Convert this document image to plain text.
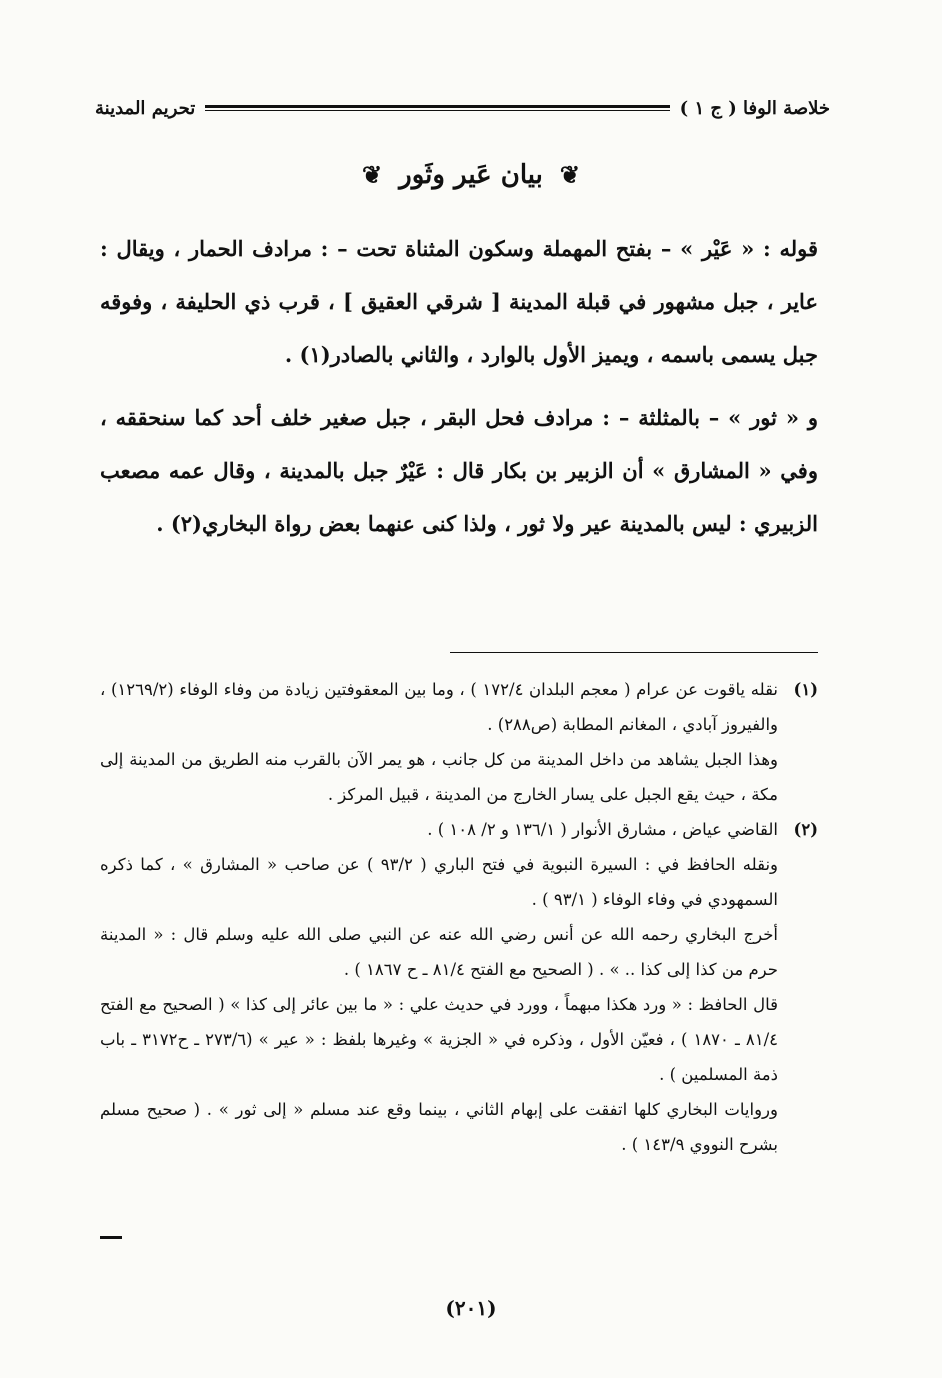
خلاصة الوفا ( ج ١ )
تحريم المدينة
❦ بيان عَير وثَور ❦

قوله : « عَيْر » – بفتح المهملة وسكون المثناة تحت – : مرادف الحمار ، ويقال : عاير ، جبل مشهور في قبلة المدينة [ شرقي العقيق ] ، قرب ذي الحليفة ، وفوقه جبل يسمى باسمه ، ويميز الأول بالوارد ، والثاني بالصادر(١) .

و « ثور » – بالمثلثة – : مرادف فحل البقر ، جبل صغير خلف أحد كما سنحققه ، وفي « المشارق » أن الزبير بن بكار قال : عَيْرٌ جبل بالمدينة ، وقال عمه مصعب الزبيري : ليس بالمدينة عير ولا ثور ، ولذا كنى عنهما بعض رواة البخاري(٢) .

(١)

نقله ياقوت عن عرام ( معجم البلدان ١٧٢/٤ ) ، وما بين المعقوفتين زيادة من وفاء الوفاء (١٢٦٩/٢) ، والفيروز آبادي ، المغانم المطابة (ص٢٨٨) .

وهذا الجبل يشاهد من داخل المدينة من كل جانب ، هو يمر الآن بالقرب منه الطريق من المدينة إلى مكة ، حيث يقع الجبل على يسار الخارج من المدينة ، قبيل المركز .

(٢)

القاضي عياض ، مشارق الأنوار ( ١٣٦/١ و ٢/ ١٠٨ ) .

ونقله الحافظ في : السيرة النبوية في فتح الباري ( ٩٣/٢ ) عن صاحب « المشارق » ، كما ذكره السمهودي في وفاء الوفاء ( ٩٣/١ ) .

أخرج البخاري رحمه الله عن أنس رضي الله عنه عن النبي صلى الله عليه وسلم قال : « المدينة حرم من كذا إلى كذا .. » . ( الصحيح مع الفتح ٨١/٤ ـ ح ١٨٦٧ ) .

قال الحافظ : « ورد هكذا مبهماً ، وورد في حديث علي : « ما بين عائر إلى كذا » ( الصحيح مع الفتح ٨١/٤ ـ ١٨٧٠ ) ، فعيّن الأول ، وذكره في « الجزية » وغيرها بلفظ : « عير » (٢٧٣/٦ ـ ح٣١٧٢ ـ باب ذمة المسلمين ) .

وروايات البخاري كلها اتفقت على إبهام الثاني ، بينما وقع عند مسلم « إلى ثور » . ( صحيح مسلم بشرح النووي ١٤٣/٩ ) .

(٢٠١)
